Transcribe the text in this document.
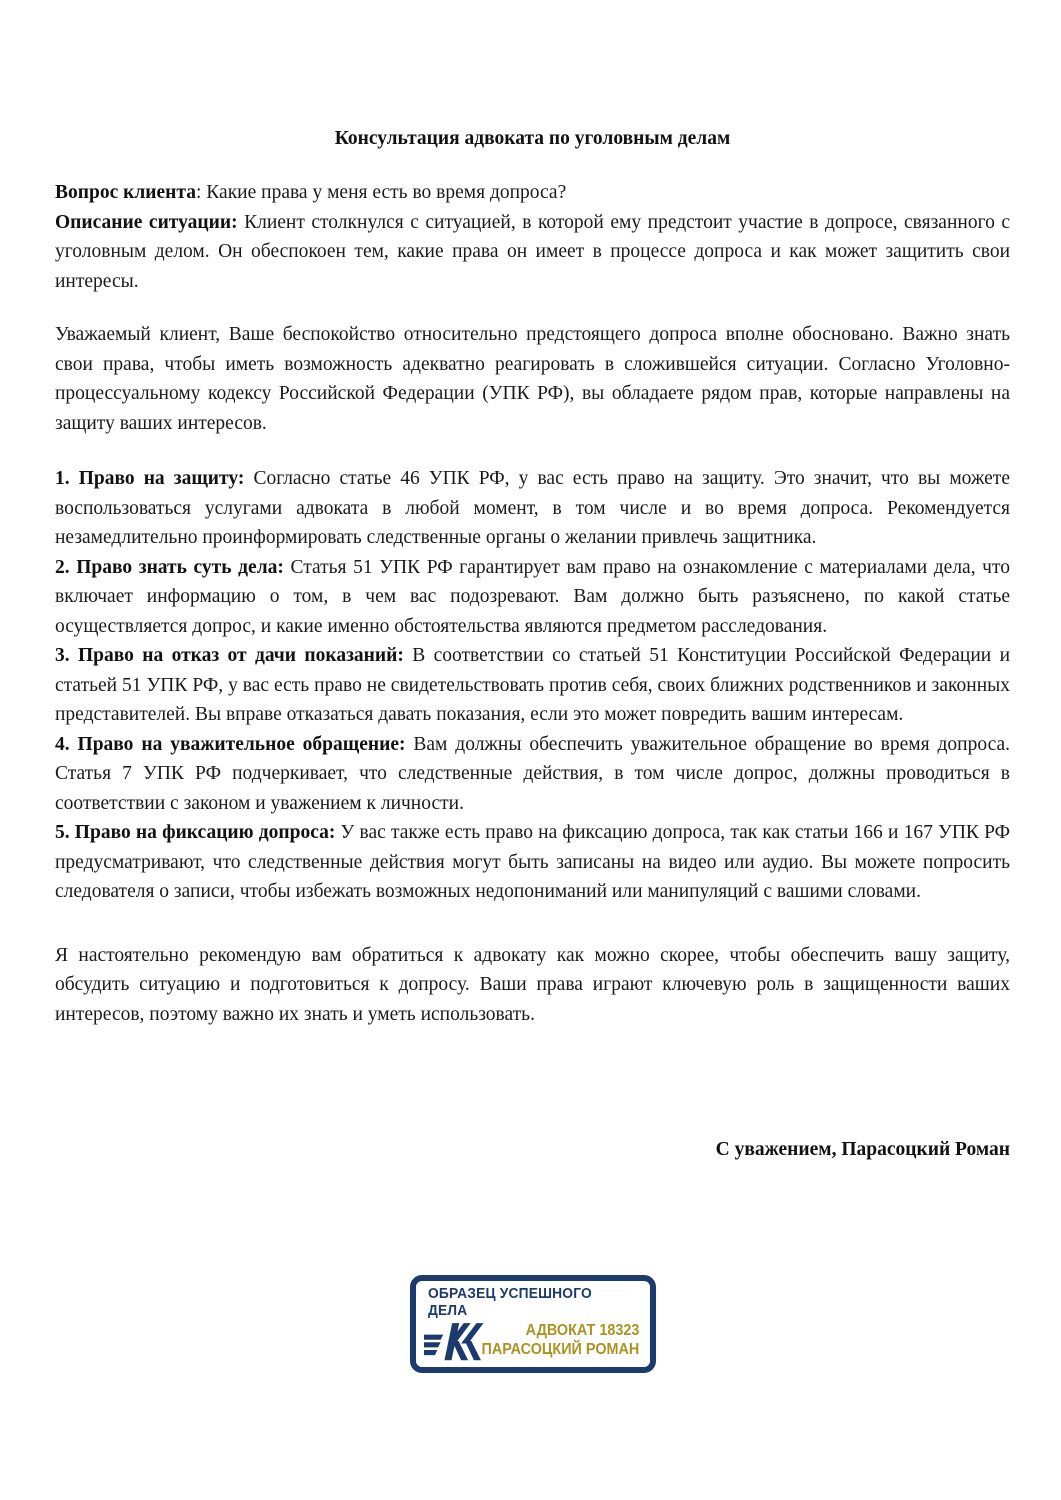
Консультация адвоката по уголовным делам

Вопрос клиента: Какие права у меня есть во время допроса?

Описание ситуации: Клиент столкнулся с ситуацией, в которой ему предстоит участие в допросе, связанного с уголовным делом. Он обеспокоен тем, какие права он имеет в процессе допроса и как может защитить свои интересы.

Уважаемый клиент, Ваше беспокойство относительно предстоящего допроса вполне обосновано. Важно знать свои права, чтобы иметь возможность адекватно реагировать в сложившейся ситуации. Согласно Уголовно-процессуальному кодексу Российской Федерации (УПК РФ), вы обладаете рядом прав, которые направлены на защиту ваших интересов.

1. Право на защиту: Согласно статье 46 УПК РФ, у вас есть право на защиту. Это значит, что вы можете воспользоваться услугами адвоката в любой момент, в том числе и во время допроса. Рекомендуется незамедлительно проинформировать следственные органы о желании привлечь защитника.

2. Право знать суть дела: Статья 51 УПК РФ гарантирует вам право на ознакомление с материалами дела, что включает информацию о том, в чем вас подозревают. Вам должно быть разъяснено, по какой статье осуществляется допрос, и какие именно обстоятельства являются предметом расследования.

3. Право на отказ от дачи показаний: В соответствии со статьей 51 Конституции Российской Федерации и статьей 51 УПК РФ, у вас есть право не свидетельствовать против себя, своих ближних родственников и законных представителей. Вы вправе отказаться давать показания, если это может повредить вашим интересам.

4. Право на уважительное обращение: Вам должны обеспечить уважительное обращение во время допроса. Статья 7 УПК РФ подчеркивает, что следственные действия, в том числе допрос, должны проводиться в соответствии с законом и уважением к личности.

5. Право на фиксацию допроса: У вас также есть право на фиксацию допроса, так как статьи 166 и 167 УПК РФ предусматривают, что следственные действия могут быть записаны на видео или аудио. Вы можете попросить следователя о записи, чтобы избежать возможных недопониманий или манипуляций с вашими словами.

Я настоятельно рекомендую вам обратиться к адвокату как можно скорее, чтобы обеспечить вашу защиту, обсудить ситуацию и подготовиться к допросу. Ваши права играют ключевую роль в защищенности ваших интересов, поэтому важно их знать и уметь использовать.

С уважением, Парасоцкий Роман

ОБРАЗЕЦ УСПЕШНОГО
ДЕЛА
АДВОКАТ 18323
ПАРАСОЦКИЙ РОМАН
